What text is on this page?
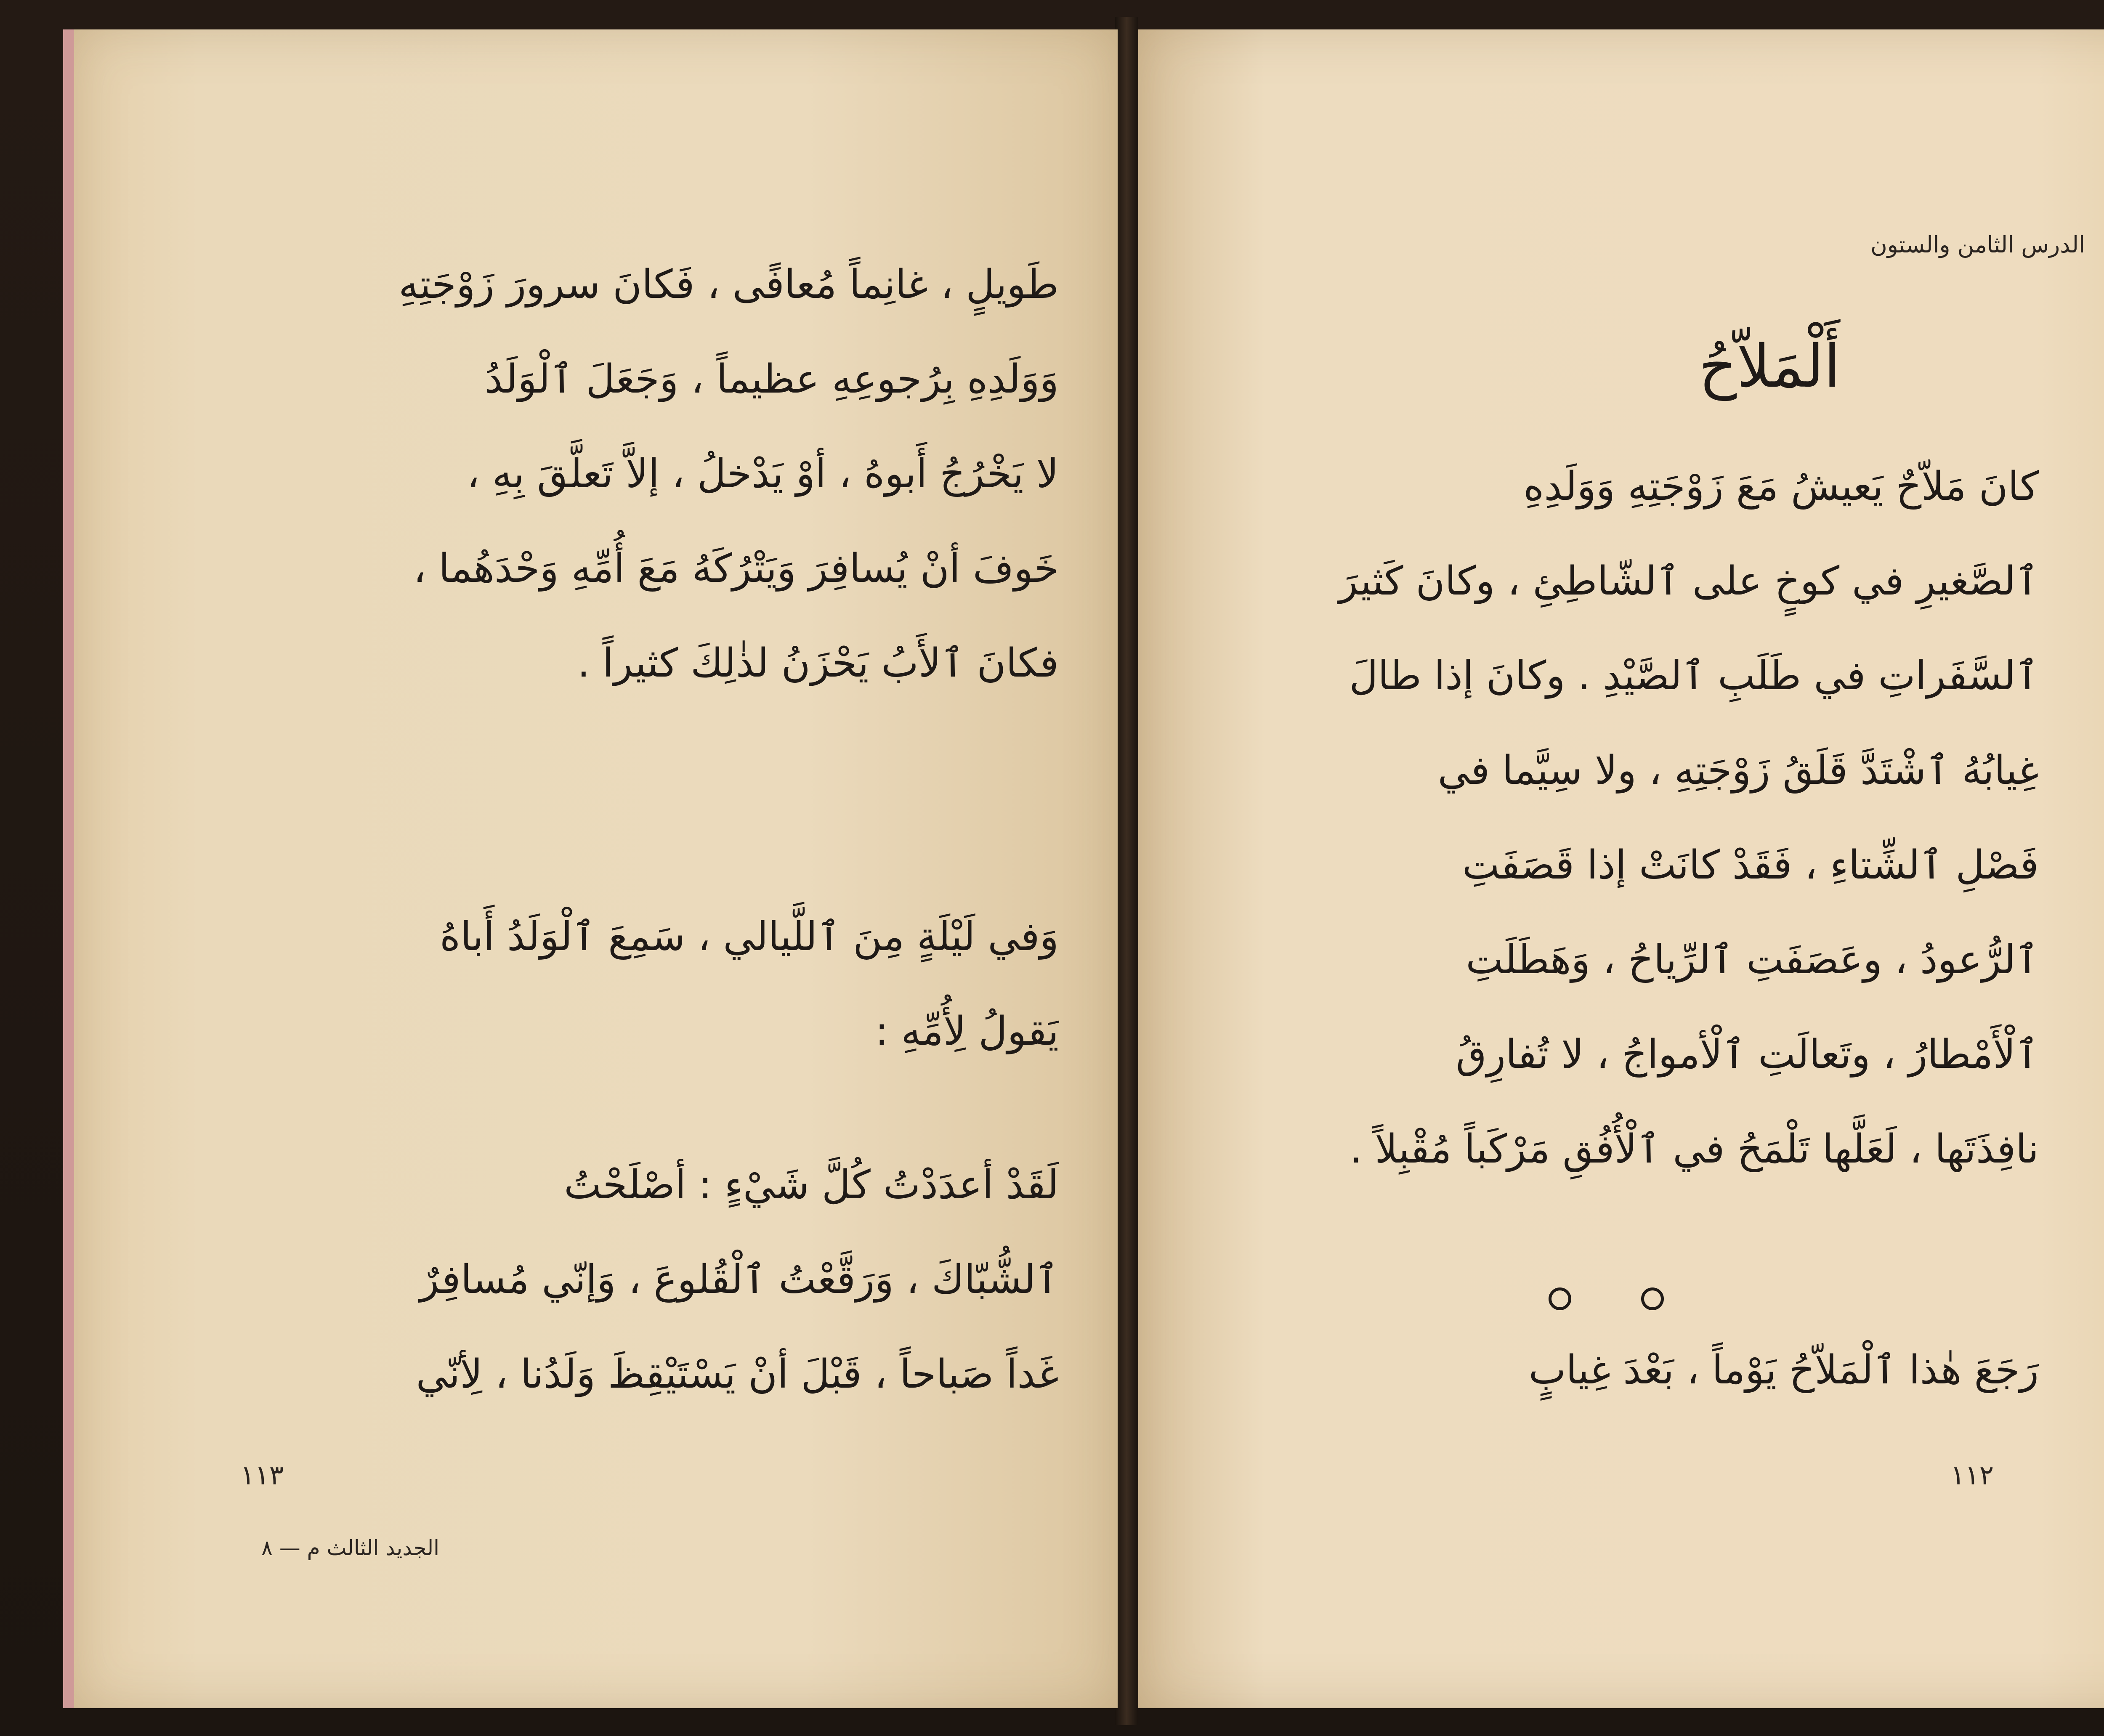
طَويلٍ ، غانِماً مُعافًى ، فَكانَ سرورَ زَوْجَتِهِ
وَوَلَدِهِ بِرُجوعِهِ عظيماً ، وَجَعَلَ ٱلْوَلَدُ
لا يَخْرُجُ أَبوهُ ، أوْ يَدْخلُ ، إلاَّ تَعلَّقَ بِهِ ،
خَوفَ أنْ يُسافِرَ وَيَتْرُكَهُ مَعَ أُمِّهِ وَحْدَهُما ،
فكانَ ٱلأَبُ يَحْزَنُ لذٰلِكَ كثيراً .
وَفي لَيْلَةٍ مِنَ ٱللَّيالي ، سَمِعَ ٱلْوَلَدُ أَباهُ
يَقولُ لِأُمِّهِ :
لَقَدْ أعدَدْتُ كُلَّ شَيْءٍ : أصْلَحْتُ
ٱلشُّبّاكَ ، وَرَقَّعْتُ ٱلْقُلوعَ ، وَإنّي مُسافِرٌ
غَداً صَباحاً ، قَبْلَ أنْ يَسْتَيْقِظَ وَلَدُنا ، لِأنّي
١١٣
الجديد الثالث م — ٨
الدرس الثامن والستون
أَلْمَلاّحُ
كانَ مَلاّحٌ يَعيشُ مَعَ زَوْجَتِهِ وَوَلَدِهِ
ٱلصَّغيرِ في كوخٍ على ٱلشّاطِئِ ، وكانَ كَثيرَ
ٱلسَّفَراتِ في طَلَبِ ٱلصَّيْدِ . وكانَ إذا طالَ
غِيابُهُ ٱشْتَدَّ قَلَقُ زَوْجَتِهِ ، ولا سِيَّما في
فَصْلِ ٱلشِّتاءِ ، فَقَدْ كانَتْ إذا قَصَفَتِ
ٱلرُّعودُ ، وعَصَفَتِ ٱلرِّياحُ ، وَهَطَلَتِ
ٱلْأَمْطارُ ، وتَعالَتِ ٱلْأمواجُ ، لا تُفارِقُ
نافِذَتَها ، لَعَلَّها تَلْمَحُ في ٱلْأُفُقِ مَرْكَباً مُقْبِلاً .
رَجَعَ هٰذا ٱلْمَلاّحُ يَوْماً ، بَعْدَ غِيابٍ
١١٢
